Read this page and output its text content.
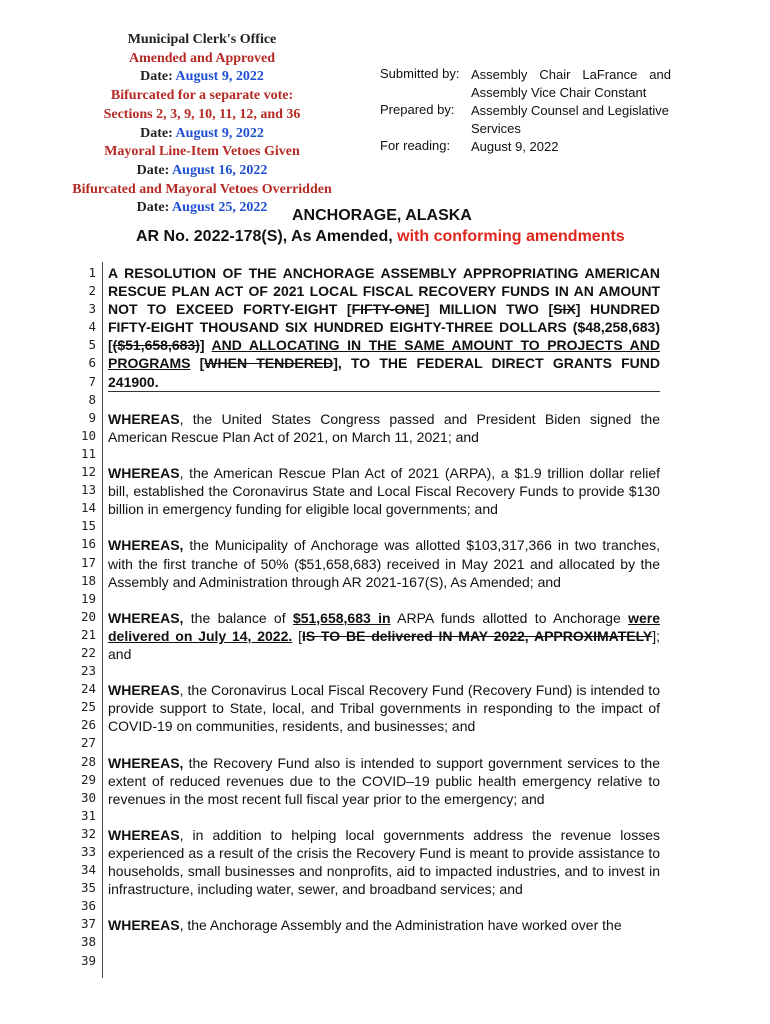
Municipal Clerk's Office
Amended and Approved
Date: August 9, 2022
Bifurcated for a separate vote:
Sections 2, 3, 9, 10, 11, 12, and 36
Date: August 9, 2022
Mayoral Line-Item Vetoes Given
Date: August 16, 2022
Bifurcated and Mayoral Vetoes Overridden
Date: August 25, 2022
Submitted by: Assembly Chair LaFrance and Assembly Vice Chair Constant
Prepared by:	Assembly Counsel and Legislative Services
For reading:	August 9, 2022
ANCHORAGE, ALASKA
AR No. 2022-178(S), As Amended, with conforming amendments
1
2
3
4
5
6
7
8
9
10
11
12
13
14
15
16
17
18
19
20
21
22
23
24
25
26
27
28
29
30
31
32
33
34
35
36
37
38
39

A RESOLUTION OF THE ANCHORAGE ASSEMBLY APPROPRIATING AMERICAN RESCUE PLAN ACT OF 2021 LOCAL FISCAL RECOVERY FUNDS IN AN AMOUNT NOT TO EXCEED FORTY-EIGHT [FIFTY-ONE] MILLION TWO [SIX] HUNDRED FIFTY-EIGHT THOUSAND SIX HUNDRED EIGHTY-THREE DOLLARS ($48,258,683) [($51,658,683)] AND ALLOCATING IN THE SAME AMOUNT TO PROJECTS AND PROGRAMS [WHEN TENDERED], TO THE FEDERAL DIRECT GRANTS FUND 241900.

WHEREAS, the United States Congress passed and President Biden signed the American Rescue Plan Act of 2021, on March 11, 2021; and

WHEREAS, the American Rescue Plan Act of 2021 (ARPA), a $1.9 trillion dollar relief bill, established the Coronavirus State and Local Fiscal Recovery Funds to provide $130 billion in emergency funding for eligible local governments; and

WHEREAS, the Municipality of Anchorage was allotted $103,317,366 in two tranches, with the first tranche of 50% ($51,658,683) received in May 2021 and allocated by the Assembly and Administration through AR 2021-167(S), As Amended; and

WHEREAS, the balance of $51,658,683 in ARPA funds allotted to Anchorage were delivered on July 14, 2022. [IS TO BE delivered IN MAY 2022, APPROXIMATELY]; and

WHEREAS, the Coronavirus Local Fiscal Recovery Fund (Recovery Fund) is intended to provide support to State, local, and Tribal governments in responding to the impact of COVID-19 on communities, residents, and businesses; and

WHEREAS, the Recovery Fund also is intended to support government services to the extent of reduced revenues due to the COVID–19 public health emergency relative to revenues in the most recent full fiscal year prior to the emergency; and

WHEREAS, in addition to helping local governments address the revenue losses experienced as a result of the crisis the Recovery Fund is meant to provide assistance to households, small businesses and nonprofits, aid to impacted industries, and to invest in infrastructure, including water, sewer, and broadband services; and

WHEREAS, the Anchorage Assembly and the Administration have worked over the
